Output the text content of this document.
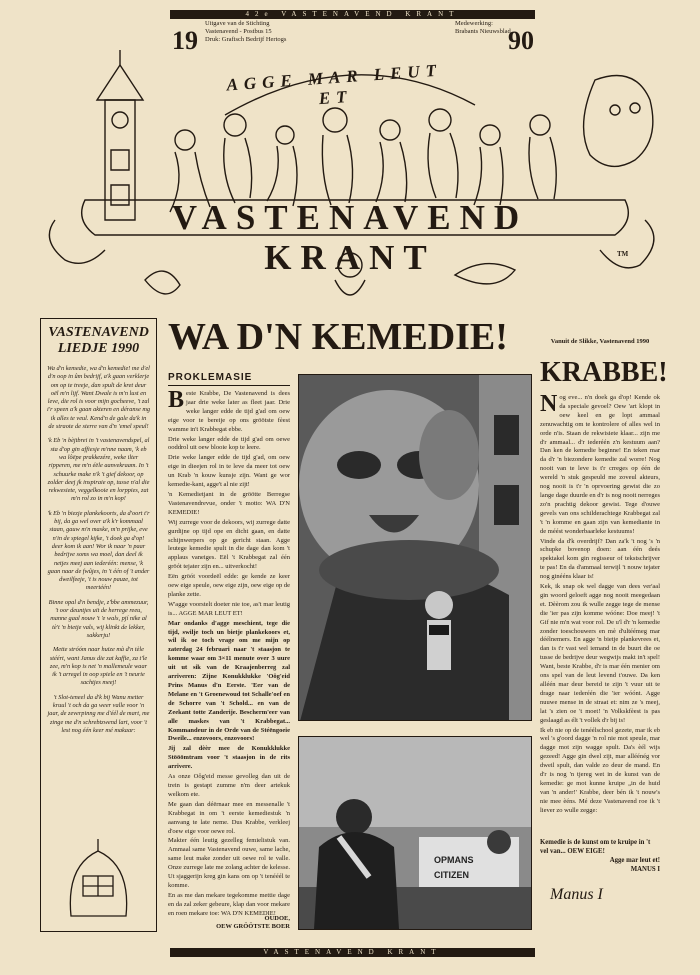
42e VASTENAVEND KRANT
Uitgave van de Stichting
Vastenavend - Postbus 15
Druk: Grafisch Bedrijf Hertogs
Medewerking:
Brabants Nieuwsblad
19	90
AGGE MAR LEUT ET
VASTENAVEND KRANT	TM
VASTENAVEND
LIEDJE 1990

Wa d'n kemedie, wa d'n kemedie! me d'el d'n oop in ûm bedrijf, a'k gaan verklerje om op te treeje, dan spult de kret deur oël m'n lijf. Want Dwale is m'n lust en leve, die rol is voor mijn gocheeve, 't zal i'r speen a'k gaan akteren en déranse mg ik alles te veul. Kend'n de gale da'k in de straote de sterre van d'n 'emel speul!

'k Eb 'n bèjtbrei in 't vastenavendspel, al sta d'op gin affiesje m'nne naam, 'k eb wa lôëpe prakkezére, weke ilter ripperen, me m'n éële aanvekraam. In 't schuurke make n'k 't gief dekoor, op zolder deej jk inspiraie op, tusse n'al die rekwesiete, veggelkooie en lorppies, zat m'n rol zo in m'n kop!

'k Eb 'n biezje plankekoorts, da d'oort t'r bij, da ga wel over a'k k'r kommaal staan, gauw m'n maske, m'n prijke, eve n'in de spiegel kijke, 't doek ga d'op! deer kom ik aan! Wor ik naar 'n paar bedrijve soms wa moel, dan deel ik netjes meej aan iederéén: mense, 'k gaan naar de fwûjes, in 't één of 't ander dweilfeeje, 't is nouw pauze, tot meertéén!

Binne opal d'n bendje, z'bbe ammezuur, 't oor deuntjes uit de herrege reeu, manne gaal nouw 't 'e wals, pjí nike al tè't 'n bietje vals, wij klinkt de lekker, sakkerju!

Mette stróóm naar huize mà d'n tèle stéért, want Janus die zat kaffie, za t'le zee, m'n kop is net 'n mallemeule waar ik 't arregel in oop spiele en 't neurie sachtjes meej!

't Slot-teneel da d'k bij Wanu metter kruul 't och da ga weer valle voor 'n jaar, de zeverpinng me d'éél de mart, me zinge me d'n schrebtzwend lart, voor 't lest nog één keer mé makaar:

WA D'N KEMEDIE!
PROKLEMASIE
B este Krabbe, De Vastenavend is dees jaar drie weke later as fleet jaar. Drie weke langer edde de tijd g'ad om oew eige voor te bereije op ons gröötste fèest wamme in't Krabbegat ebbe.

Drie weke langer edde de tijd g'ad om oewe ooddrol uit oew blooie kop te leere.

Drie weke langer edde de tijd g'ad, om oew eige in dieejen rol in te leve da meer tot oew un Krab 'n kouw kunsje zijn. Want ge wor kemedie-kant, agge't al nie zijt!

'n Kemedietjant in de gröötte Berregse Vastenavendrevue, onder 't motto: WA D'N KEMEDIE!

Wij zurrege voor de dekoors, wij zurrege datte gurdijne op tijd ope en dicht gaan, en datte schijnwerpers op ge gericht staan. Agge leutege kemedie spult in die dage dan kom 't applaus vaneiges. Eël 't Krabbegat zal één gröót tejater zijn en... uitverkocht!

Eën gröót voordeël edde: ge kende ze keer oew eige speule, oew eige zijn, oew eige op de planke zette.

W'agge voorstelt doeter nie toe, as't mar leutig is... AGGE MAR LEUT ET!

Mar ondanks d'agge meschient, tege die tijd, swilje toch un bietje plankekoors et, wil ik oe toch vrage om me mijn op zaterdag 24 februari naar 't staasjon te komme waar om 3×11 menute over 3 uure uit ut sik van de Kraajenberreg zal arriveren: Zijne Konukklukke 'Oôg'eid Prins Manus d'n Eerste. 'Eer van de Melane en 't Groenewoud tot Schalle'oef en de Schorre van 't Schold... en van de Zeekant totte Zanderije. Bescherm'eer van alle maskes van 't Krabbegat... Kommandeur in de Orde van de Stéëngoeie Dweile... enzovoors, enzovoors!

Jij zal dèèr mee de Konukklukke Stööömtram voor 't staasjon in de rits arrivere.

As onze Oôg'eid messe gevolleg dan uit de trein is gestapt zumme n'm deer artekuk welkom ete.

Me gaan dan déërnaar mee en messenalle 't Krabbegat in om 't eerste kemediestuk 'n aanvang te late neme. Dus Krabbe, verkleej d'oew eige voor oewe rol.

Makter één leutig gezelleg femielistuk van. Ammaal same Vastenavend ouwe, same lache, same leut make zonder uit oewe rol te valle. Onze zurrege late me zolang achter de kelesse. Ut sjaggerijn kreg gin kans om op 't tenééél te komme.

En as me dan mekare tegekomme mettie dage en da zal zeker gebeure, klap dan voor mekare en roep mekare toe: WA D'N KEMEDIE!

OUDOE,
OEW GRÖÖTSTE BOER
OPMANS
CITIZEN
Vanuit de Slikke, Vastenavend 1990
KRABBE!
N og eve... n'n doek ga d'op! Kende ok da speciale gevoel? Oew 'art klopt in oew keel en ge lopt ammaal zenuwachtig om te kontrolere of alles wel in orde n'is. Staan de rekwisiete klaar... zijn me d'r ammaal... d'r iederéén z'n kestuum aan? Dan ken de kemedie beginne! En teken mar da d'r 'n biezondere kemedie zal worre! Nog nooit van te leve is t'r crreges op één de wereld 'n stuk gespeuld me zoveul akteurs, nog nooit is t'r 'n oprvoering gewist die zo lange dage duurde en d'r is nog nooit nerreges zo'n prachtig dekoor gewist. Tege d'ouwe gevels van ons schilderachtege Krabbegat zal 't 'n komme en gaan zijn van kemediante in de méést wonderbaarleke kestuums!

Vinde da d'k overdrijf? Dan za'k 't nog 's 'n schupke bovenop doen: aan één deés spektakel kom gin regisseur of tekstschrijver te pas! En da d'ammaal terwijl 't nouw tejater nog ginééns klaar is!

Kek, ik snap ok wel dagge van dees ver'aal gin woord geloeft agge nog nooit meegedaan et. Dèèrom zou ik wulle zegge tege de mense die 'ier pas zijn komme wóóne: Doe meej! 't Gif nie m'n wat voor rol. De u'l d'r 'n kemedie zonder toeschouwers en mè d'ultéémeg mar déélnemers. En agge 'n bietje plankevrees et, dan is t'r vast wel iemand in de buurt die oe tusse de bedrijve deur wegwijs makt in't spel! Want, beste Krabbe, d'r is mar één menier om ons spel van de leut levend t'ouwe. Da ken alléén mar deur bereid te zijn 't vuur uit te drage naar iederéén die 'ier wóónt. Agge nuuwe mense in de straat et: nim ze 's meej, lat 's zien oe 't moet! 'n Volkskfèest is pas geslaagd as élt 't vollek d'r bij is!

Ik eb nie op de tenéélschool gezete, mar ik eb wel 's g'oord dagge 'n rol nie mot speule, mar dagge mot zijn wagge spult. Da's èél wijs gezeed! Agge gin dwel zijt, mar alléénég vor dweil spult, dan valde zo deur de mand. En d'r is nog 'n tjereg wet in de kunst van de kemedie: ge mot kunne kruipe „in de huid van 'n ander!' Krabbe, deer bén ik 't nouw's nie mee èéns. Mé deze Vastenavend roe ik 't liever zo wulle zegge:

Kemedie is de kunst om te kruipe in 't vel van... OEW EIGE!
Agge mar leut et!
MANUS I
Manus I
VASTENAVEND KRANT
